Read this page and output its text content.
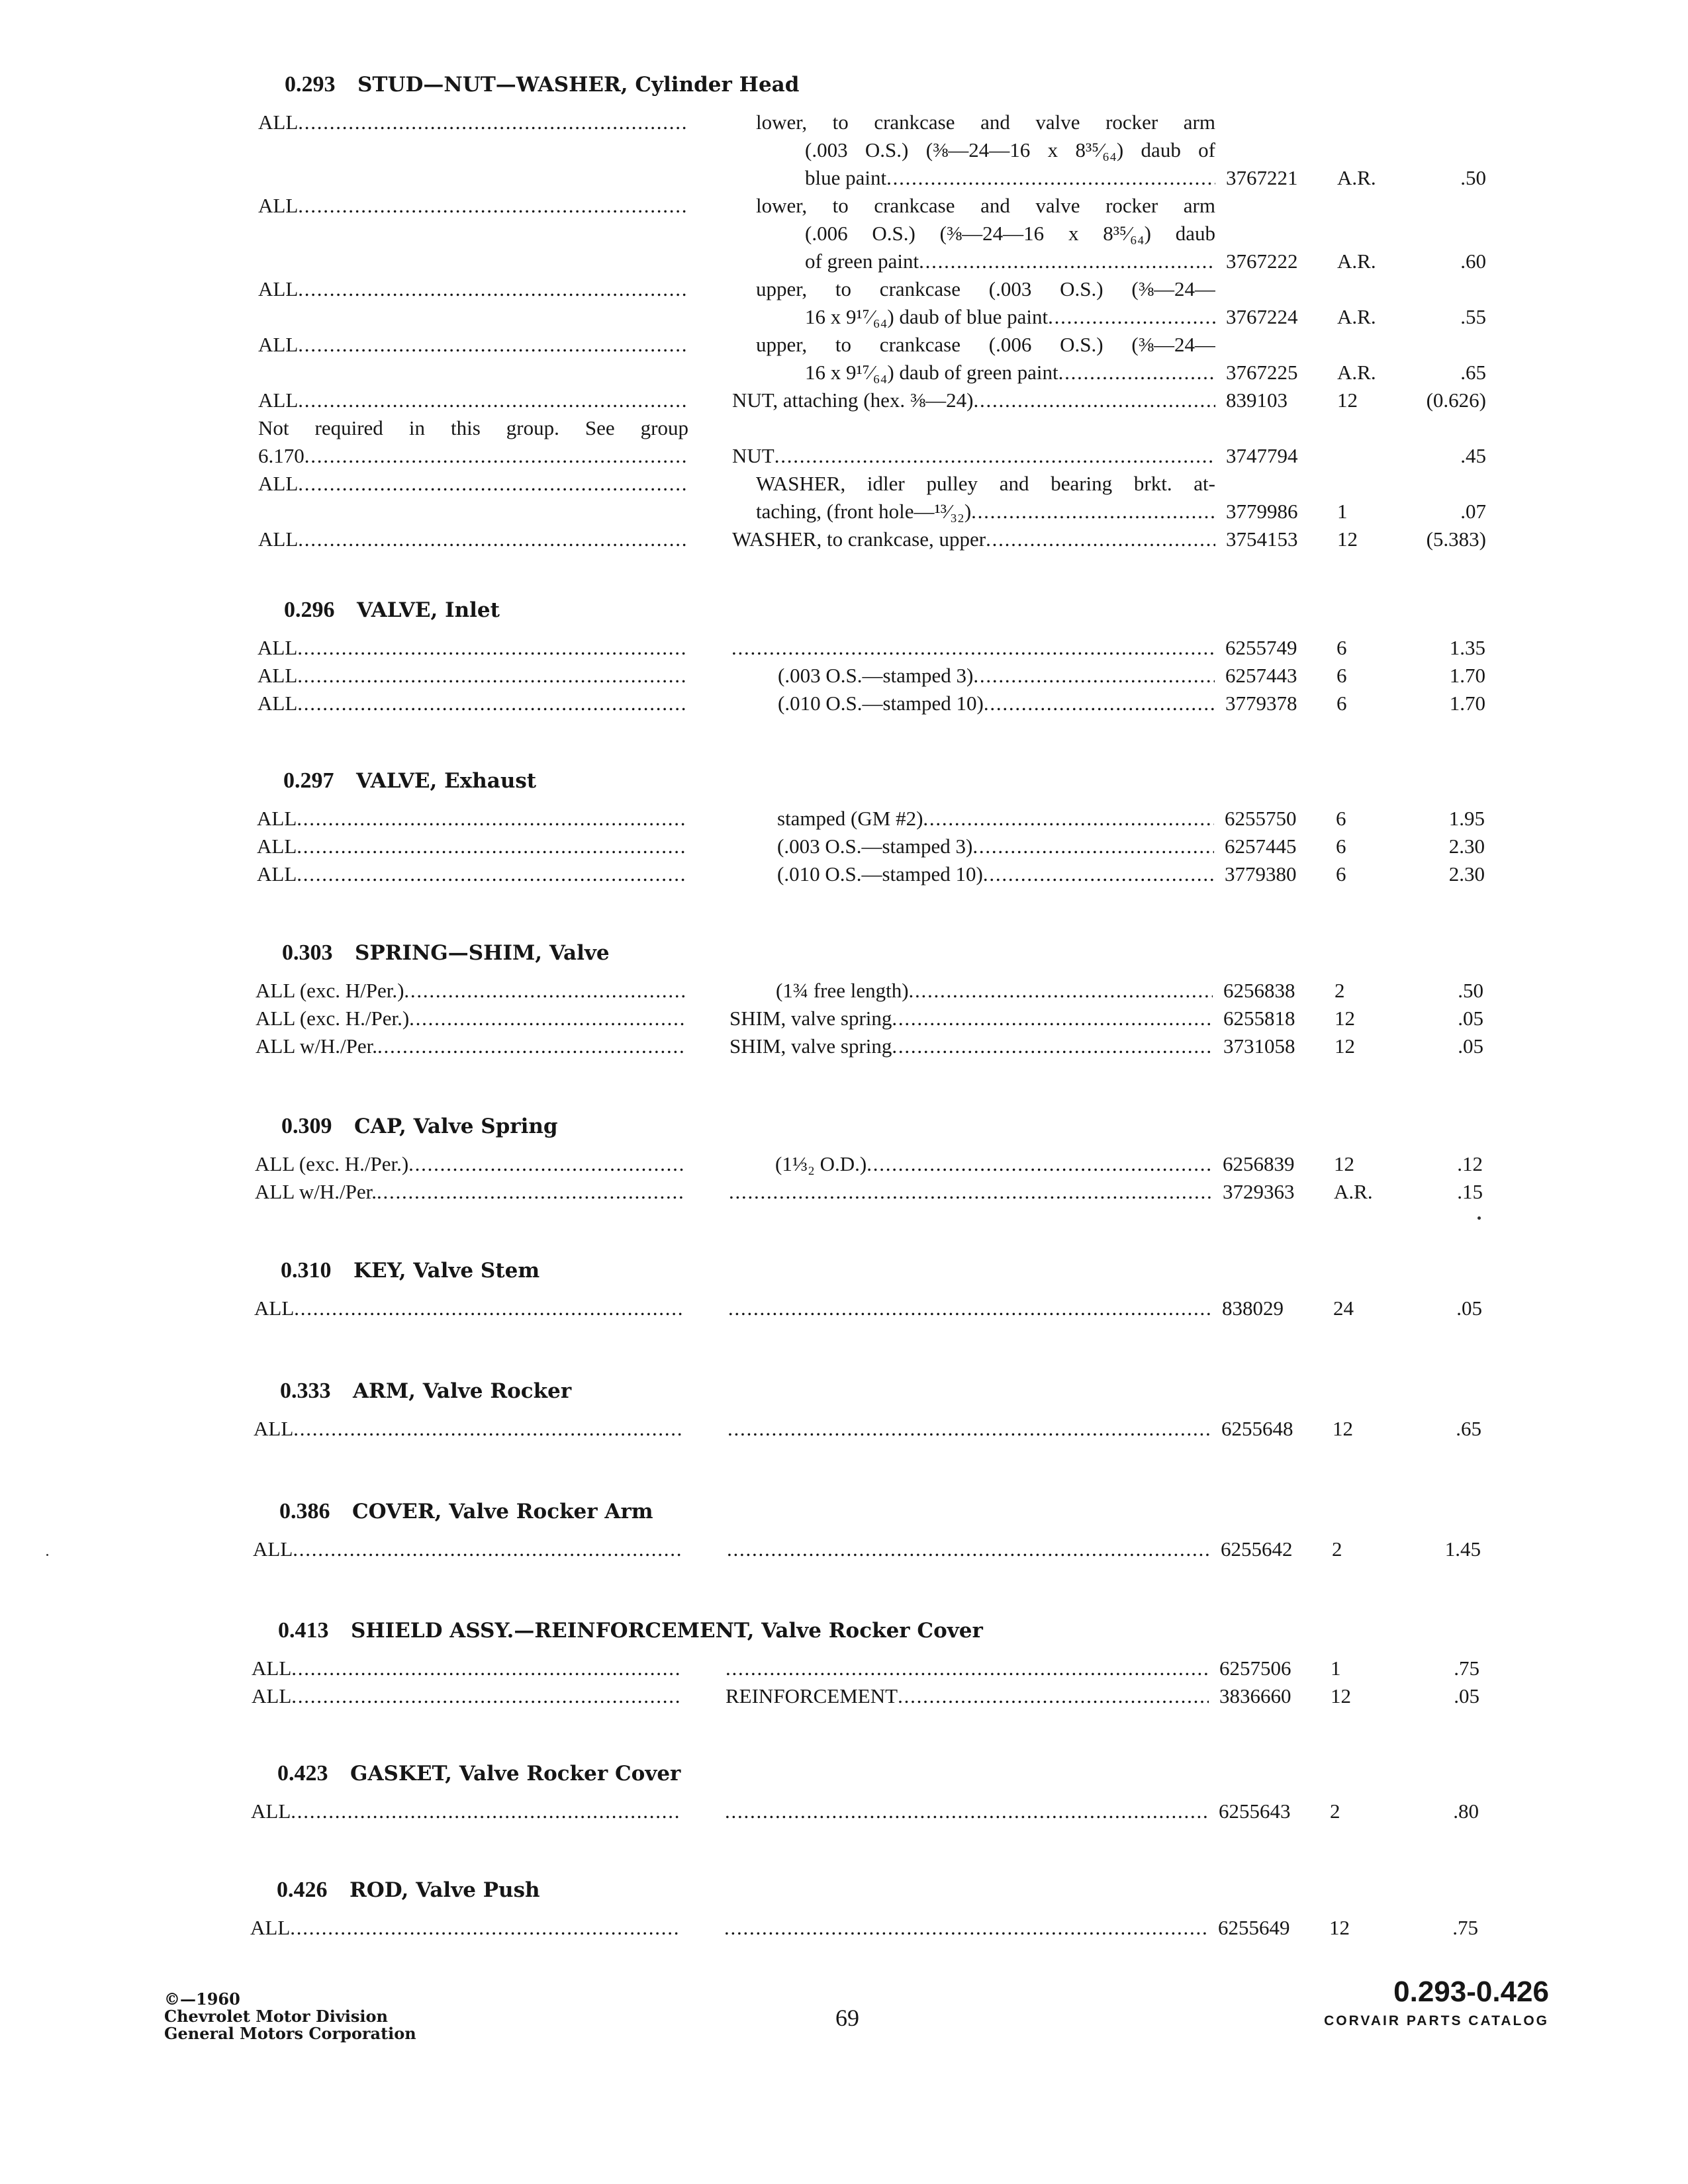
0.293 STUD—NUT—WASHER, Cylinder Head
ALL . . .	lower, to crankcase and valve rocker arm
(.003 O.S.) (⅜—24—16 x 8³⁵⁄₆₄) daub of
blue paint . . .	3767221	A.R.	.50
ALL . . .	lower, to crankcase and valve rocker arm
(.006 O.S.) (⅜—24—16 x 8³⁵⁄₆₄) daub
of green paint . . .	3767222	A.R.	.60
ALL . . .	upper, to crankcase (.003 O.S.) (⅜—24—
16 x 9¹⁷⁄₆₄) daub of blue paint . . .	3767224	A.R.	.55
ALL . . .	upper, to crankcase (.006 O.S.) (⅜—24—
16 x 9¹⁷⁄₆₄) daub of green paint . . .	3767225	A.R.	.65
ALL . . .	NUT, attaching (hex. ⅜—24) . . .	839103	12	(0.626)
Not required in this group. See group
6.170 . . .	NUT . . .	3747794	.45
ALL . . .	WASHER, idler pulley and bearing brkt. at-
taching, (front hole—¹³⁄₃₂) . . .	3779986	1	.07
ALL . . .	WASHER, to crankcase, upper . . .	3754153	12	(5.383)
0.296 VALVE, Inlet
ALL . . . . . .	6255749	6	1.35
ALL . . .	(.003 O.S.—stamped 3) . . .	6257443	6	1.70
ALL . . .	(.010 O.S.—stamped 10) . . .	3779378	6	1.70
0.297 VALVE, Exhaust
ALL . . .	stamped (GM #2) . . .	6255750	6	1.95
ALL . . .	(.003 O.S.—stamped 3) . . .	6257445	6	2.30
ALL . . .	(.010 O.S.—stamped 10) . . .	3779380	6	2.30
0.303 SPRING—SHIM, Valve
ALL (exc. H/Per.) . . .	(1¾ free length) . . .	6256838	2	.50
ALL (exc. H./Per.) . . .	SHIM, valve spring . . .	6255818	12	.05
ALL w/H./Per. . . .	SHIM, valve spring . . .	3731058	12	.05
0.309 CAP, Valve Spring
ALL (exc. H./Per.) . . .	(1⅓₂ O.D.) . . .	6256839	12	.12
ALL w/H./Per. . . . . . .	3729363	A.R.	.15
0.310 KEY, Valve Stem
ALL . . . . . .	838029	24	.05
0.333 ARM, Valve Rocker
ALL . . . . . .	6255648	12	.65
0.386 COVER, Valve Rocker Arm
ALL . . . . . .	6255642	2	1.45
0.413 SHIELD ASSY.—REINFORCEMENT, Valve Rocker Cover
ALL . . . . . .	6257506	1	.75
ALL . . .	REINFORCEMENT . . .	3836660	12	.05
0.423 GASKET, Valve Rocker Cover
ALL . . . . . .	6255643	2	.80
0.426 ROD, Valve Push
ALL . . . . . .	6255649	12	.75
©—1960
Chevrolet Motor Division
General Motors Corporation
69
0.293-0.426
CORVAIR PARTS CATALOG
